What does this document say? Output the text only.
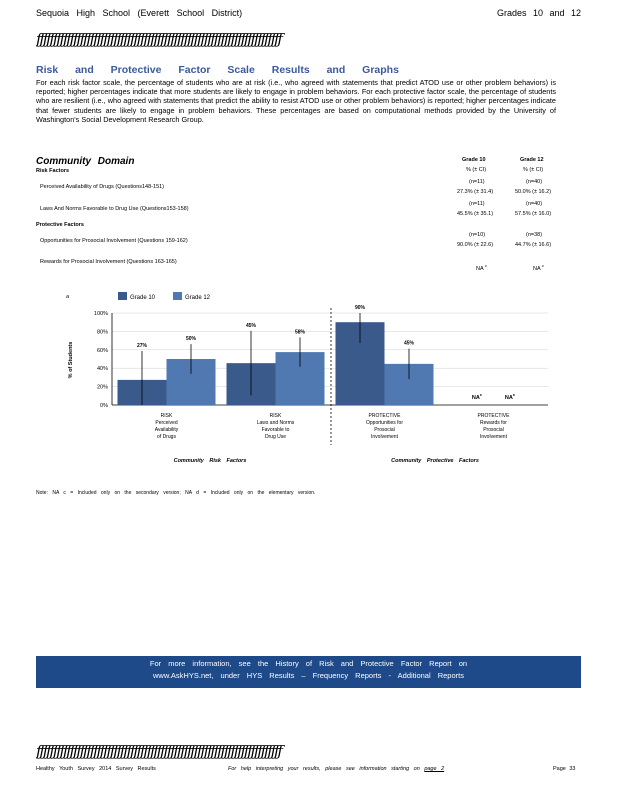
Sequoia High School (Everett School District)	Grades 10 and 12
ƒƒƒƒƒƒƒƒƒƒƒƒƒƒƒƒƒƒƒƒƒƒƒƒƒƒƒƒƒƒƒƒƒƒƒƒƒƒƒƒƒƒƒƒƒƒƒƒƒƒƒƒƒƒƒƒƒƒƒƒƒƒƒƒƒƒƒƒƒƒƒƒƒ
Risk and Protective Factor Scale Results and Graphs
For each risk factor scale, the percentage of students who are at risk (i.e., who agreed with statements that predict ATOD use or other problem behaviors) is reported; higher percentages indicate that more students are likely to engage in problem behaviors. For each protective factor scale, the percentage of students who are resilient (i.e., who agreed with statements that predict the ability to resist ATOD use or other problem behaviors) is reported; higher percentages indicate that fewer students are likely to engage in problem behaviors. These percentages are based on computational methods provided by the University of Washington's Social Development Research Group.
Community Domain	Grade 10	Grade 12
% (± CI)	% (± CI)
Risk Factors
Perceived Availability of Drugs (Questions148-151)
(n=11)	(n=40)
27.3% (± 31.4)	50.0% (± 16.2)
Laws And Norms Favorable to Drug Use (Questions153-158)
(n=11)	(n=40)
45.5% (± 35.1)	57.5% (± 16.0)
Protective Factors
Opportunities for Prosocial Involvement (Questions 159-162)
(n=10)	(n=38)
90.0% (± 22.6)	44.7% (± 16.6)
Rewards for Prosocial Involvement (Questions 163-165)
NA $^c$
NA $^c$
a	Grade 10	Grade 12
% of Students
0%
20%
40%
60%
80%
100%
27%
50%
45%
58%
90%
45%
$NA^c$
$NA^c$
RISK
Perceived
Availability
of Drugs
RISK
Laws and Norms
Favorable to
Drug Use
PROTECTIVE
Opportunities for
Prosocial
Involvement
PROTECTIVE
Rewards for
Prosocial
Involvement
Community Risk Factors	Community Protective Factors
Note: NA c = Included only on the secondary version; NA d = Included only on the elementary version.
For more information, see the History of Risk and Protective Factor Report on
www.AskHYS.net, under HYS Results – Frequency Reports - Additional Reports
ƒƒƒƒƒƒƒƒƒƒƒƒƒƒƒƒƒƒƒƒƒƒƒƒƒƒƒƒƒƒƒƒƒƒƒƒƒƒƒƒƒƒƒƒƒƒƒƒƒƒƒƒƒƒƒƒƒƒƒƒƒƒƒƒƒƒƒƒƒƒƒƒƒ
Healthy Youth Survey 2014 Survey Results	For help interpreting your results, please see information starting on page 2	Page 33
